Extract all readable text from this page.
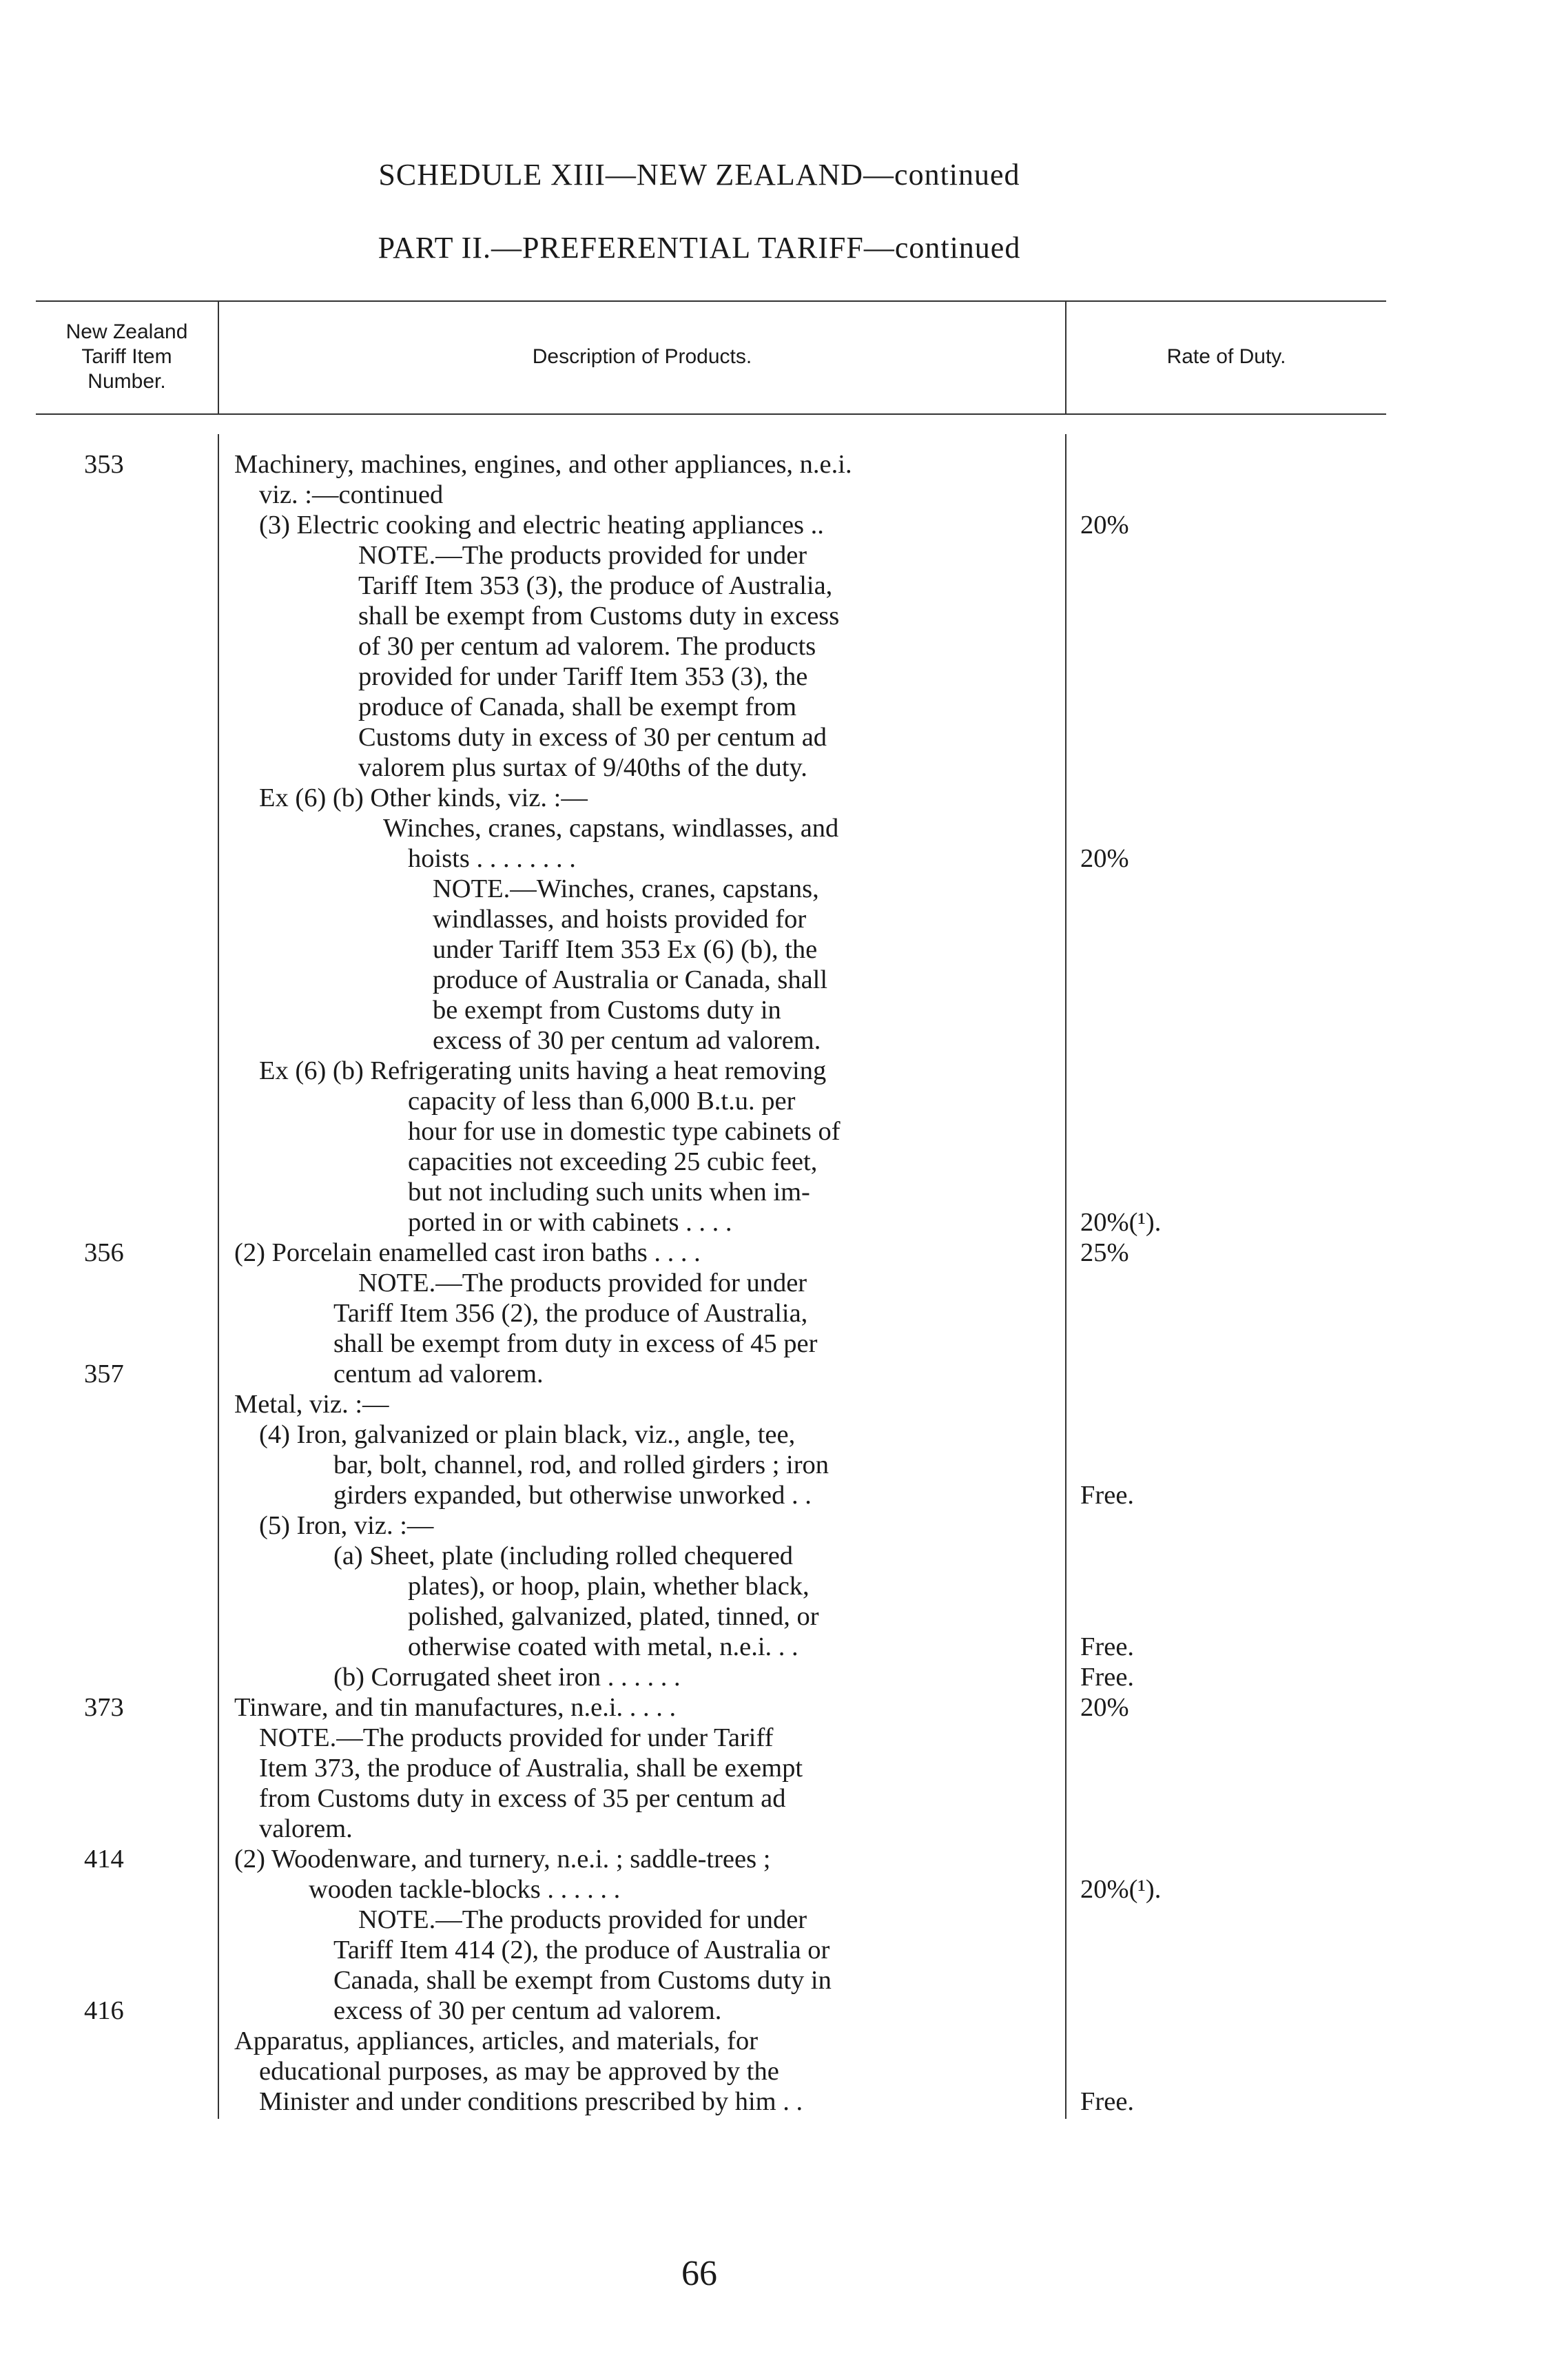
SCHEDULE XIII—NEW ZEALAND—continued
PART II.—PREFERENTIAL TARIFF—continued
New Zealand
Tariff Item
Number.
Description of Products.	Rate of Duty.
Machinery, machines, engines, and other appliances, n.e.i.
viz. :—continued
(3) Electric cooking and electric heating appliances ..
NOTE.—The products provided for under
Tariff Item 353 (3), the produce of Australia,
shall be exempt from Customs duty in excess
of 30 per centum ad valorem. The products
provided for under Tariff Item 353 (3), the
produce of Canada, shall be exempt from
Customs duty in excess of 30 per centum ad
valorem plus surtax of 9/40ths of the duty.
Ex (6) (b) Other kinds, viz. :—
Winches, cranes, capstans, windlasses, and
hoists . . . . . . . .
NOTE.—Winches, cranes, capstans,
windlasses, and hoists provided for
under Tariff Item 353 Ex (6) (b), the
produce of Australia or Canada, shall
be exempt from Customs duty in
excess of 30 per centum ad valorem.
Ex (6) (b) Refrigerating units having a heat removing
capacity of less than 6,000 B.t.u. per
hour for use in domestic type cabinets of
capacities not exceeding 25 cubic feet,
but not including such units when im-
ported in or with cabinets . . . .
(2) Porcelain enamelled cast iron baths . . . .
NOTE.—The products provided for under
Tariff Item 356 (2), the produce of Australia,
shall be exempt from duty in excess of 45 per
centum ad valorem.
Metal, viz. :—
(4) Iron, galvanized or plain black, viz., angle, tee,
bar, bolt, channel, rod, and rolled girders ; iron
girders expanded, but otherwise unworked . .
(5) Iron, viz. :—
(a) Sheet, plate (including rolled chequered
plates), or hoop, plain, whether black,
polished, galvanized, plated, tinned, or
otherwise coated with metal, n.e.i. . .
(b) Corrugated sheet iron . . . . . .
Tinware, and tin manufactures, n.e.i. . . . .
NOTE.—The products provided for under Tariff
Item 373, the produce of Australia, shall be exempt
from Customs duty in excess of 35 per centum ad
valorem.
(2) Woodenware, and turnery, n.e.i. ; saddle-trees ;
wooden tackle-blocks . . . . . .
NOTE.—The products provided for under
Tariff Item 414 (2), the produce of Australia or
Canada, shall be exempt from Customs duty in
excess of 30 per centum ad valorem.
Apparatus, appliances, articles, and materials, for
educational purposes, as may be approved by the
Minister and under conditions prescribed by him . .
353
356
357
373
414
416
20%
20%
20%(¹).
25%
Free.
Free.
Free.
20%
20%(¹).
Free.
66
